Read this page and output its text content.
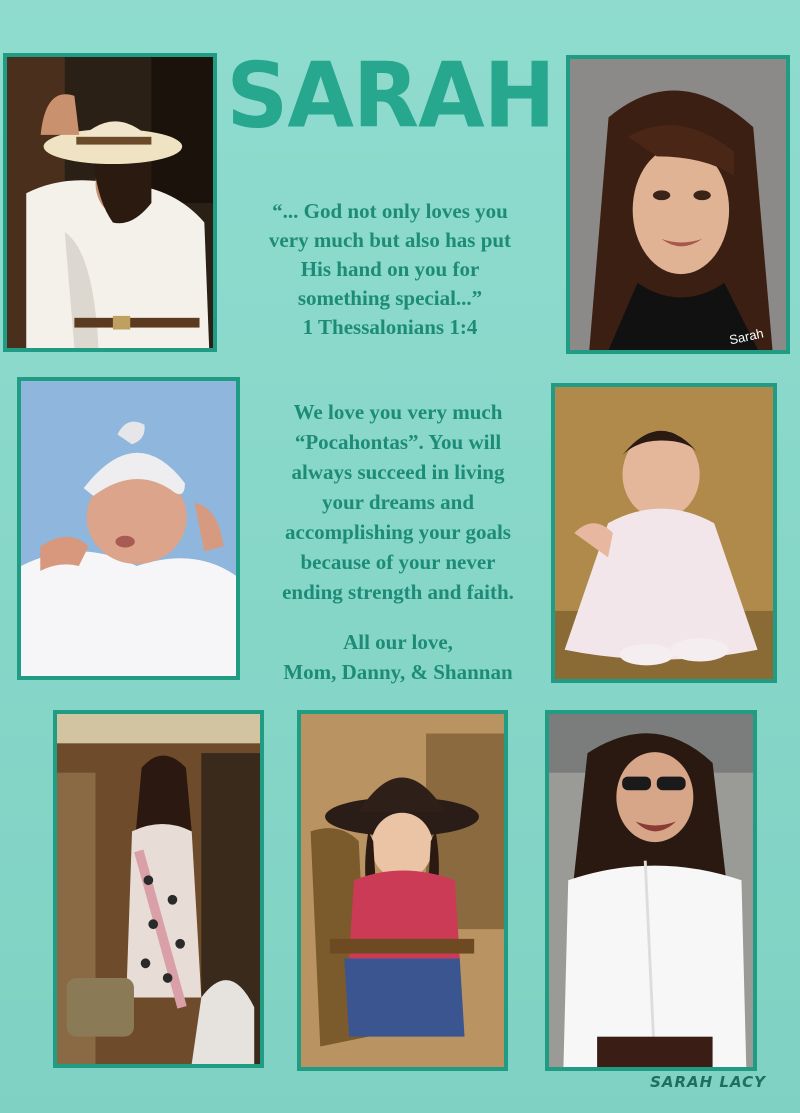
SARAH
Sarah
“... God not only loves you
very much but also has put
His hand on you for
something special...”
1 Thessalonians 1:4
We love you very much
“Pocahontas”. You will
always succeed in living
your dreams and
accomplishing your goals
because of your never
ending strength and faith.
All our love,
Mom, Danny, & Shannan
SARAH LACY
